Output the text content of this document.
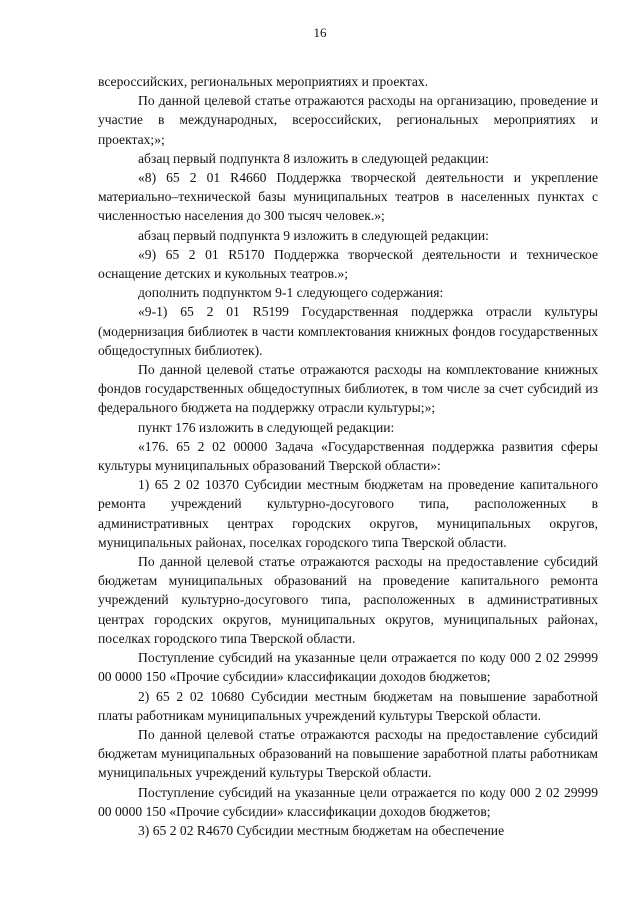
16

всероссийских, региональных мероприятиях и проектах.

По данной целевой статье отражаются расходы на организацию, проведение и участие в международных, всероссийских, региональных мероприятиях и проектах;»;

абзац первый подпункта 8 изложить в следующей редакции:

«8) 65 2 01 R4660 Поддержка творческой деятельности и укрепление материально–технической базы муниципальных театров в населенных пунктах с численностью населения до 300 тысяч человек.»;

абзац первый подпункта 9 изложить в следующей редакции:

«9) 65 2 01 R5170 Поддержка творческой деятельности и техническое оснащение детских и кукольных театров.»;

дополнить подпунктом 9-1 следующего содержания:

«9-1) 65 2 01 R5199 Государственная поддержка отрасли культуры (модернизация библиотек в части комплектования книжных фондов государственных общедоступных библиотек).

По данной целевой статье отражаются расходы на комплектование книжных фондов государственных общедоступных библиотек, в том числе за счет субсидий из федерального бюджета на поддержку отрасли культуры;»;

пункт 176 изложить в следующей редакции:

«176. 65 2 02 00000 Задача «Государственная поддержка развития сферы культуры муниципальных образований Тверской области»:

1) 65 2 02 10370 Субсидии местным бюджетам на проведение капитального ремонта учреждений культурно-досугового типа, расположенных в административных центрах городских округов, муниципальных округов, муниципальных районах, поселках городского типа Тверской области.

По данной целевой статье отражаются расходы на предоставление субсидий бюджетам муниципальных образований на проведение капитального ремонта учреждений культурно-досугового типа, расположенных в административных центрах городских округов, муниципальных округов, муниципальных районах, поселках городского типа Тверской области.

Поступление субсидий на указанные цели отражается по коду 000 2 02 29999 00 0000 150 «Прочие субсидии» классификации доходов бюджетов;

2) 65 2 02 10680 Субсидии местным бюджетам на повышение заработной платы работникам муниципальных учреждений культуры Тверской области.

По данной целевой статье отражаются расходы на предоставление субсидий бюджетам муниципальных образований на повышение заработной платы работникам муниципальных учреждений культуры Тверской области.

Поступление субсидий на указанные цели отражается по коду 000 2 02 29999 00 0000 150 «Прочие субсидии» классификации доходов бюджетов;

3) 65 2 02 R4670 Субсидии местным бюджетам на обеспечение
